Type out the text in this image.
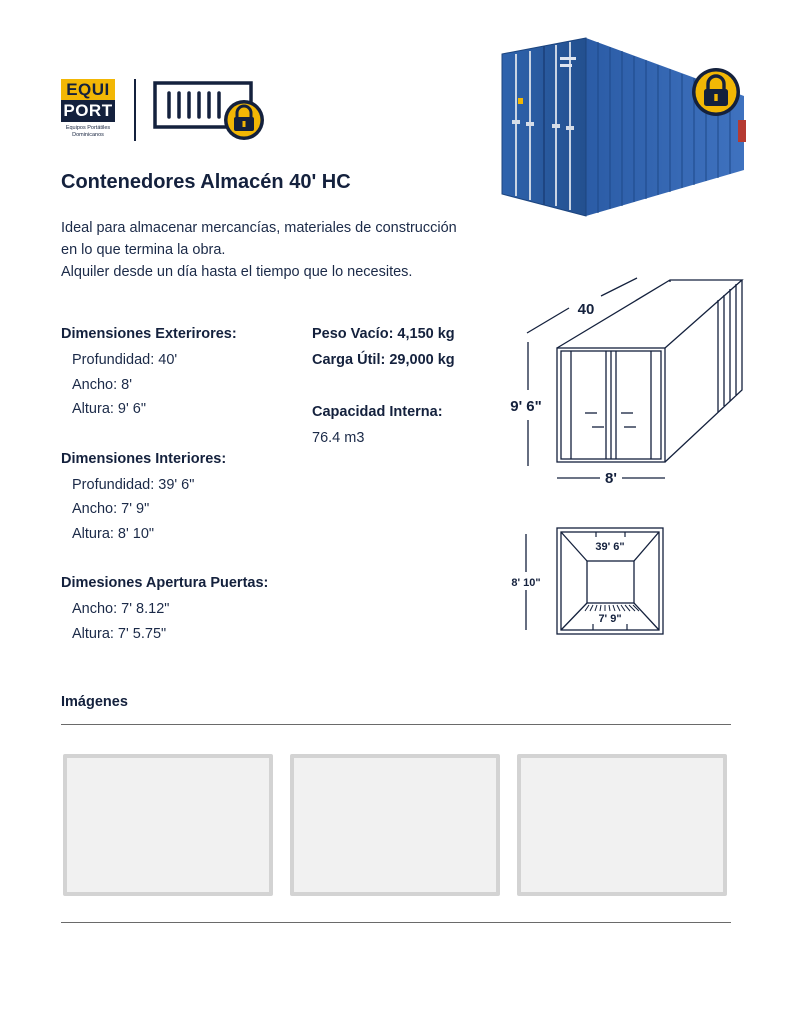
EQUI
PORT
Equipos Portátiles
Dominicanos
Contenedores Almacén 40' HC
Ideal para almacenar mercancías, materiales de construcción
en lo que termina la obra.
Alquiler desde un día hasta el tiempo que lo necesites.
Dimensiones Exterirores:
Profundidad: 40'
Ancho: 8'
Altura: 9' 6"
Dimensiones Interiores:
Profundidad: 39' 6"
Ancho: 7' 9"
Altura: 8' 10"
Dimesiones Apertura Puertas:
Ancho: 7' 8.12"
Altura: 7' 5.75"
Peso Vacío: 4,150 kg
Carga Útil: 29,000 kg
Capacidad Interna:
76.4 m3
40
9' 6"
8'
39' 6"
8' 10"
7' 9"
Imágenes
